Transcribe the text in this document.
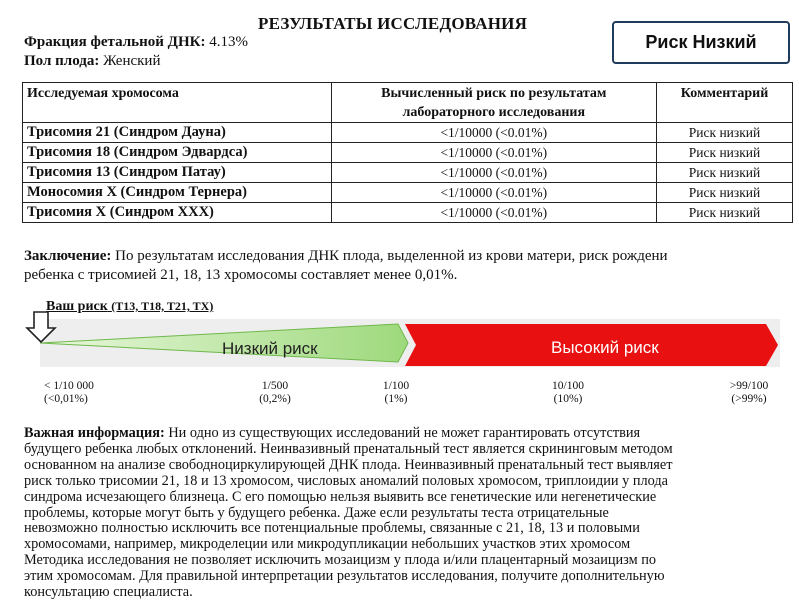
РЕЗУЛЬТАТЫ ИССЛЕДОВАНИЯ
Риск Низкий
Фракция фетальной ДНК: 4.13%
Пол плода: Женский
Исследуемая хромосома	Вычисленный риск по результатам лабораторного исследования	Комментарий
Трисомия 21 (Синдром Дауна)	<1/10000 (<0.01%)	Риск низкий
Трисомия 18 (Синдром Эдвардса)	<1/10000 (<0.01%)	Риск низкий
Трисомия 13 (Синдром Патау)	<1/10000 (<0.01%)	Риск низкий
Моносомия Х (Синдром Тернера)	<1/10000 (<0.01%)	Риск низкий
Трисомия Х (Синдром ХХХ)	<1/10000 (<0.01%)	Риск низкий
Заключение: По результатам исследования ДНК плода, выделенной из крови матери, риск рождени
ребенка с трисомией 21, 18, 13 хромосомы составляет менее 0,01%.
Ваш риск (T13, T18, T21, TX)
Низкий риск	Высокий риск
< 1/10 000
(<0,01%)
1/500
(0,2%)
1/100
(1%)
10/100
(10%)
>99/100
(>99%)
Важная информация: Ни одно из существующих исследований не может гарантировать отсутствия
будущего ребенка любых отклонений. Неинвазивный пренатальный тест является скрининговым методом
основанном на анализе свободноциркулирующей ДНК плода. Неинвазивный пренатальный тест выявляет
риск только трисомии 21, 18 и 13 хромосом, числовых аномалий половых хромосом, триплоидии у плода
синдрома исчезающего близнеца. С его помощью нельзя выявить все генетические или негенетические
проблемы, которые могут быть у будущего ребенка. Даже если результаты теста отрицательные
невозможно полностью исключить все потенциальные проблемы, связанные с 21, 18, 13 и половыми
хромосомами, например, микроделеции или микродупликации небольших участков этих хромосом
Методика исследования не позволяет исключить мозаицизм у плода и/или плацентарный мозаицизм по
этим хромосомам. Для правильной интерпретации результатов исследования, получите дополнительную
консультацию специалиста.
